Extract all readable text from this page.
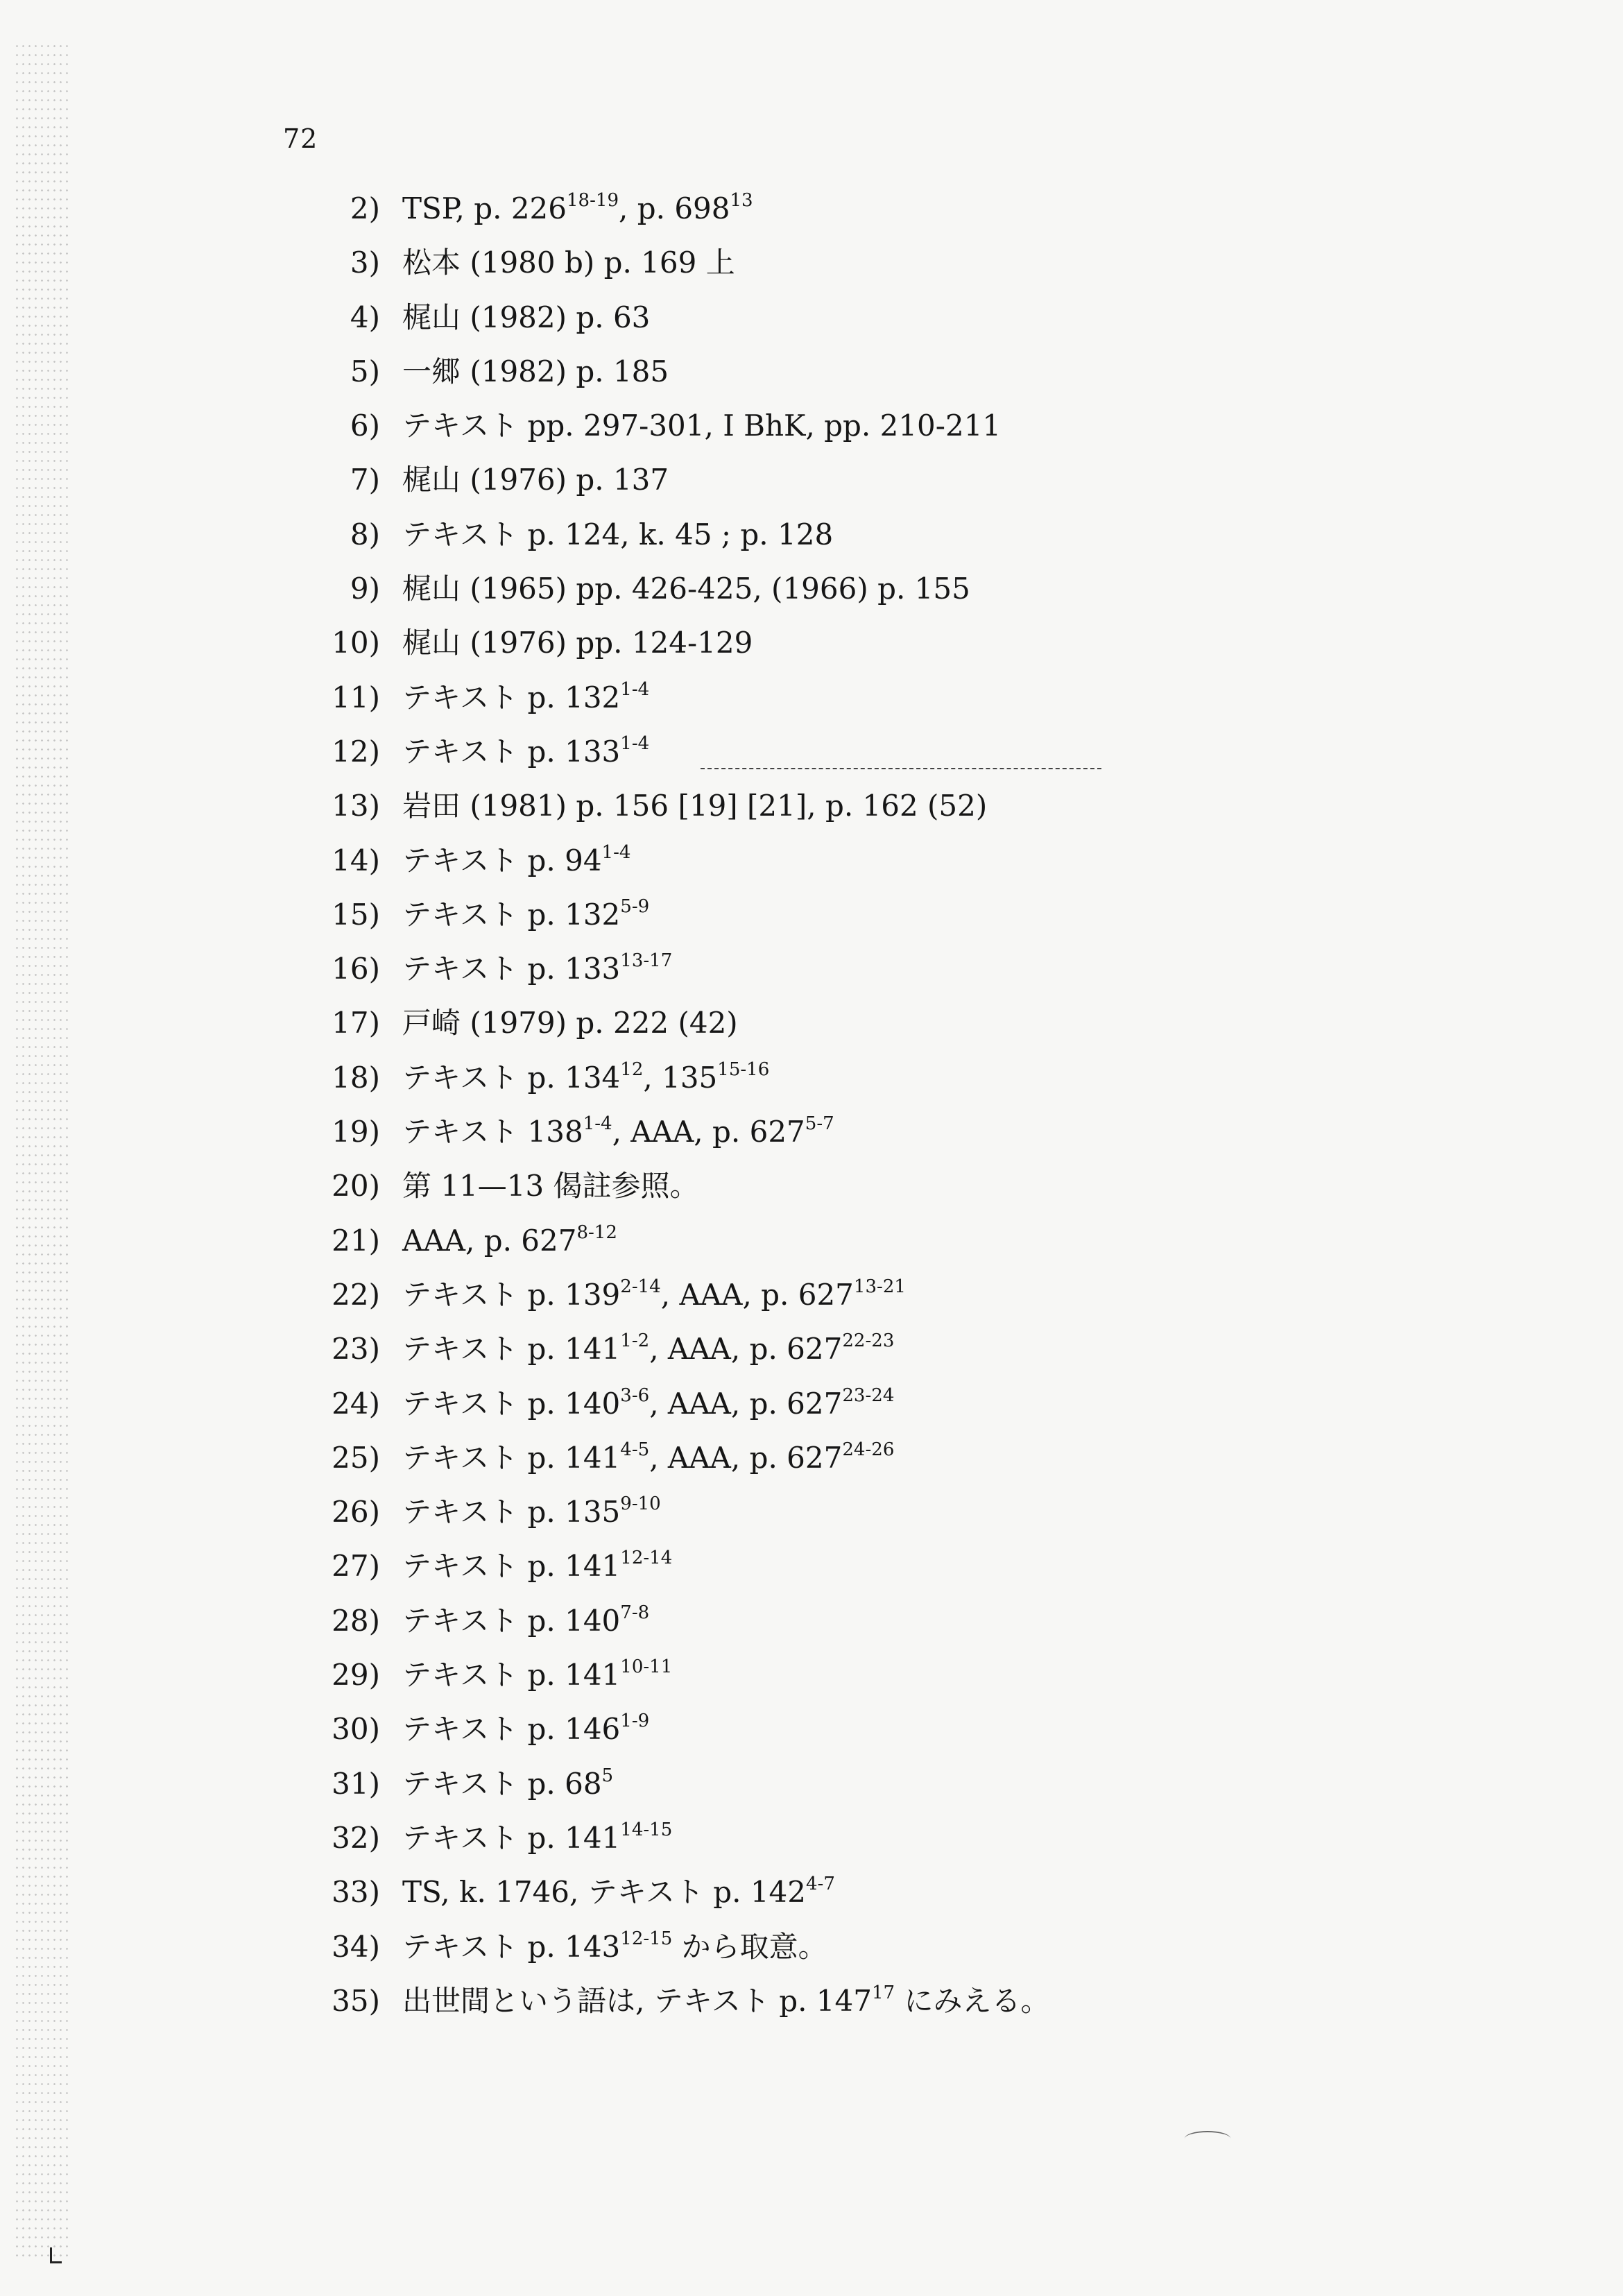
72
2) TSP, p. 226$^{18-19}$, p. $698^{13}$
3) 松本 (1980 b) p. 169 上
4) 梶山 (1982) p. 63
5) 一郷 (1982) p. 185
6) テキスト pp. 297-301, I BhK, pp. 210-211
7) 梶山 (1976) p. 137
8) テキスト p. 124, k. 45 ; p. 128
9) 梶山 (1965) pp. 426-425, (1966) p. 155
10) 梶山 (1976) pp. 124-129
11) テキスト p. 132$^{1-4}$
12) テキスト p. 133$^{1-4}$
13) 岩田 (1981) p. 156 [19] [21], p. 162 (52)
14) テキスト p. 94$^{1-4}$
15) テキスト p. 132$^{5-9}$
16) テキスト p. 133$^{13-17}$
17) 戸崎 (1979) p. 222 (42)
18) テキスト p. $134^{12}$, 135$^{15-16}$
19) テキスト 138$^{1-4}$, AAA, p. 627$^{5-7}$
20) 第 11—13 偈註参照。
21) AAA, p. 627$^{8-12}$
22) テキスト p. 139$^{2-14}$, AAA, p. 627$^{13-21}$
23) テキスト p. 141$^{1-2}$, AAA, p. 627$^{22-23}$
24) テキスト p. 140$^{3-6}$, AAA, p. 627$^{23-24}$
25) テキスト p. 141$^{4-5}$, AAA, p. 627$^{24-26}$
26) テキスト p. 135$^{9-10}$
27) テキスト p. 141$^{12-14}$
28) テキスト p. 140$^{7-8}$
29) テキスト p. 141$^{10-11}$
30) テキスト p. 146$^{1-9}$
31) テキスト p. $68^5$
32) テキスト p. 141$^{14-15}$
33) TS, k. 1746, テキスト p. 142$^{4-7}$
34) テキスト p. 143$^{12-15}$ から取意。
35) 出世間という語は, テキスト p. $147^{17}$ にみえる。
